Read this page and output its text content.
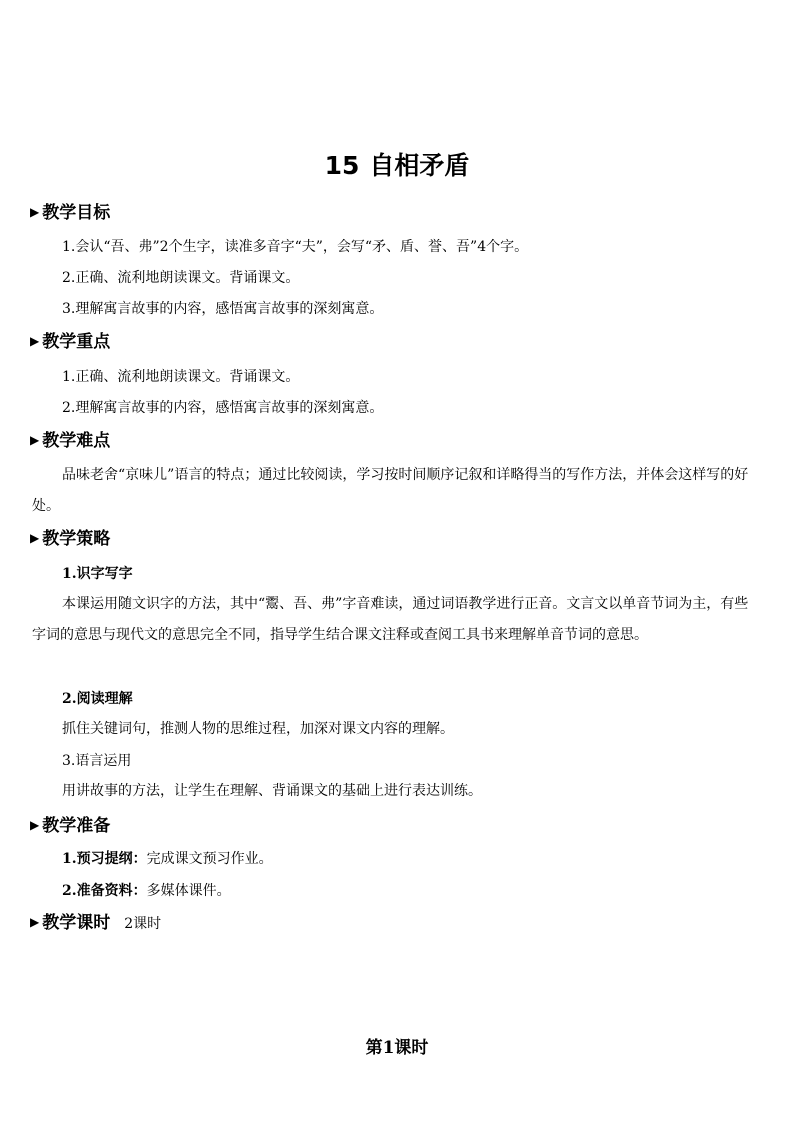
15 自相矛盾
▶ 教学目标
1.会认“吾、弗”2个生字，读准多音字“夫”，会写“矛、盾、誉、吾”4个字。
2.正确、流利地朗读课文。背诵课文。
3.理解寓言故事的内容，感悟寓言故事的深刻寓意。
▶ 教学重点
1.正确、流利地朗读课文。背诵课文。
2.理解寓言故事的内容，感悟寓言故事的深刻寓意。
▶ 教学难点
品味老舍“京味儿”语言的特点；通过比较阅读，学习按时间顺序记叙和详略得当的写作方法，并体会这样写的好处。
▶ 教学策略
1.识字写字
本课运用随文识字的方法，其中“鬻、吾、弗”字音难读，通过词语教学进行正音。文言文以单音节词为主，有些字词的意思与现代文的意思完全不同，指导学生结合课文注释或查阅工具书来理解单音节词的意思。
2.阅读理解
抓住关键词句，推测人物的思维过程，加深对课文内容的理解。
3.语言运用
用讲故事的方法，让学生在理解、背诵课文的基础上进行表达训练。
▶ 教学准备
1.预习提纲：完成课文预习作业。
2.准备资料：多媒体课件。
▶ 教学课时 2课时
第1课时
